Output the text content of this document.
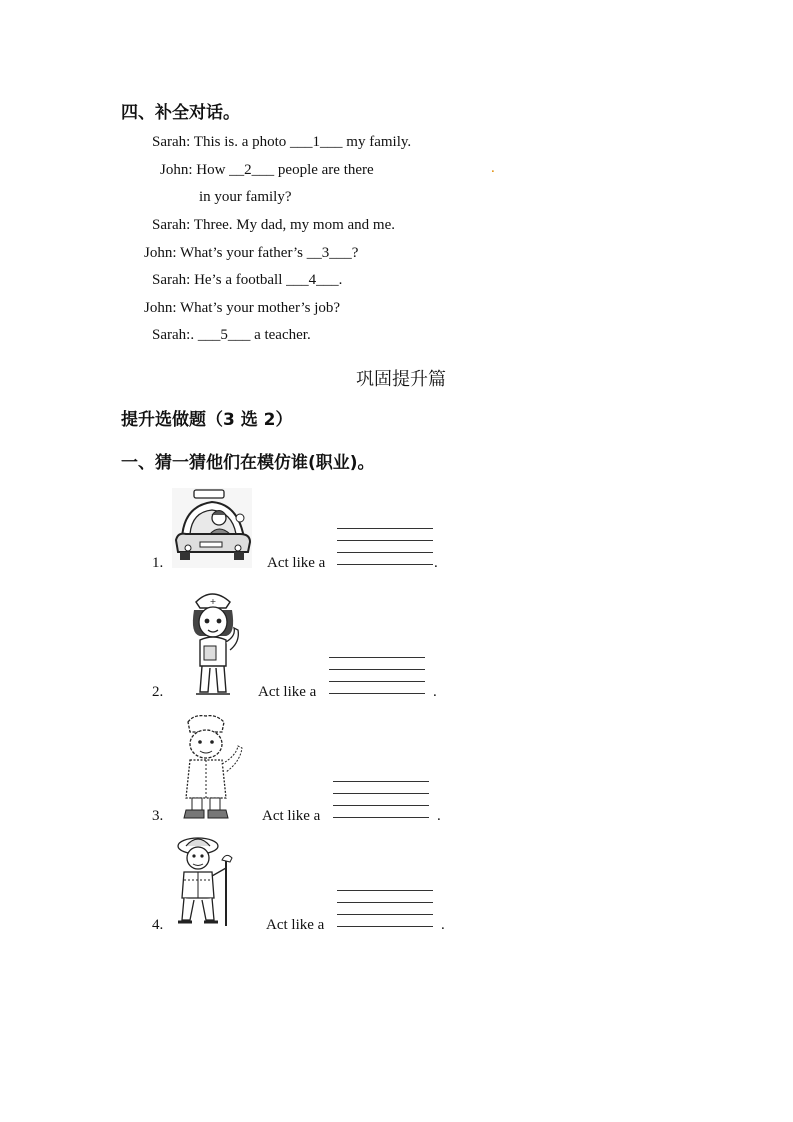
四、补全对话。
Sarah: This is. a photo ___1___ my family.
John: How __2___ people are there	.
in your family?
Sarah: Three. My dad, my mom and me.
John: What’s your father’s __3___?
Sarah: He’s a football ___4___.
John: What’s your mother’s job?
Sarah:. ___5___ a teacher.
巩固提升篇
提升选做题（3 选 2）
一、猜一猜他们在模仿谁(职业)。
1.	Act like a	.
2.
+
Act like a	.
3.	Act like a	.
4.	Act like a	.
